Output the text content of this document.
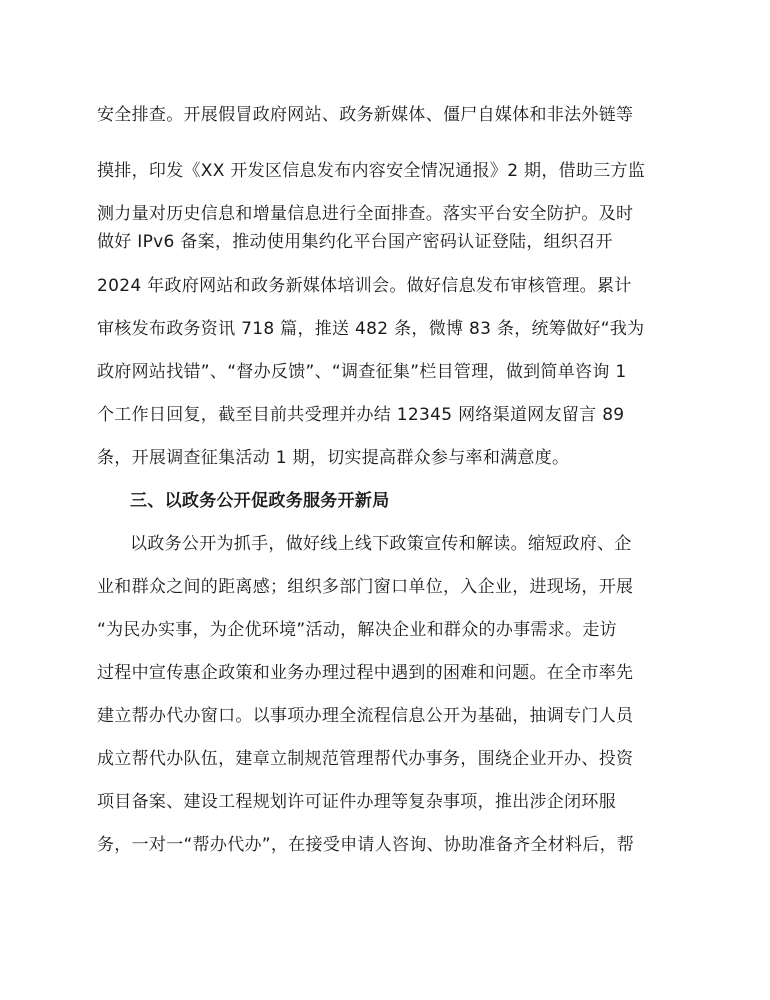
安全排查。开展假冒政府网站、政务新媒体、僵尸自媒体和非法外链等
摸排，印发《XX 开发区信息发布内容安全情况通报》2 期，借助三方监
测力量对历史信息和增量信息进行全面排查。落实平台安全防护。及时
做好 IPv6 备案，推动使用集约化平台国产密码认证登陆，组织召开
2024 年政府网站和政务新媒体培训会。做好信息发布审核管理。累计
审核发布政务资讯 718 篇，推送 482 条，微博 83 条，统筹做好“我为
政府网站找错”、“督办反馈”、“调查征集”栏目管理，做到简单咨询 1
个工作日回复，截至目前共受理并办结 12345 网络渠道网友留言 89
条，开展调查征集活动 1 期，切实提高群众参与率和满意度。
三、以政务公开促政务服务开新局
以政务公开为抓手，做好线上线下政策宣传和解读。缩短政府、企
业和群众之间的距离感；组织多部门窗口单位，入企业，进现场，开展
“为民办实事，为企优环境”活动，解决企业和群众的办事需求。走访
过程中宣传惠企政策和业务办理过程中遇到的困难和问题。在全市率先
建立帮办代办窗口。以事项办理全流程信息公开为基础，抽调专门人员
成立帮代办队伍，建章立制规范管理帮代办事务，围绕企业开办、投资
项目备案、建设工程规划许可证件办理等复杂事项，推出涉企闭环服
务，一对一“帮办代办”，在接受申请人咨询、协助准备齐全材料后，帮
